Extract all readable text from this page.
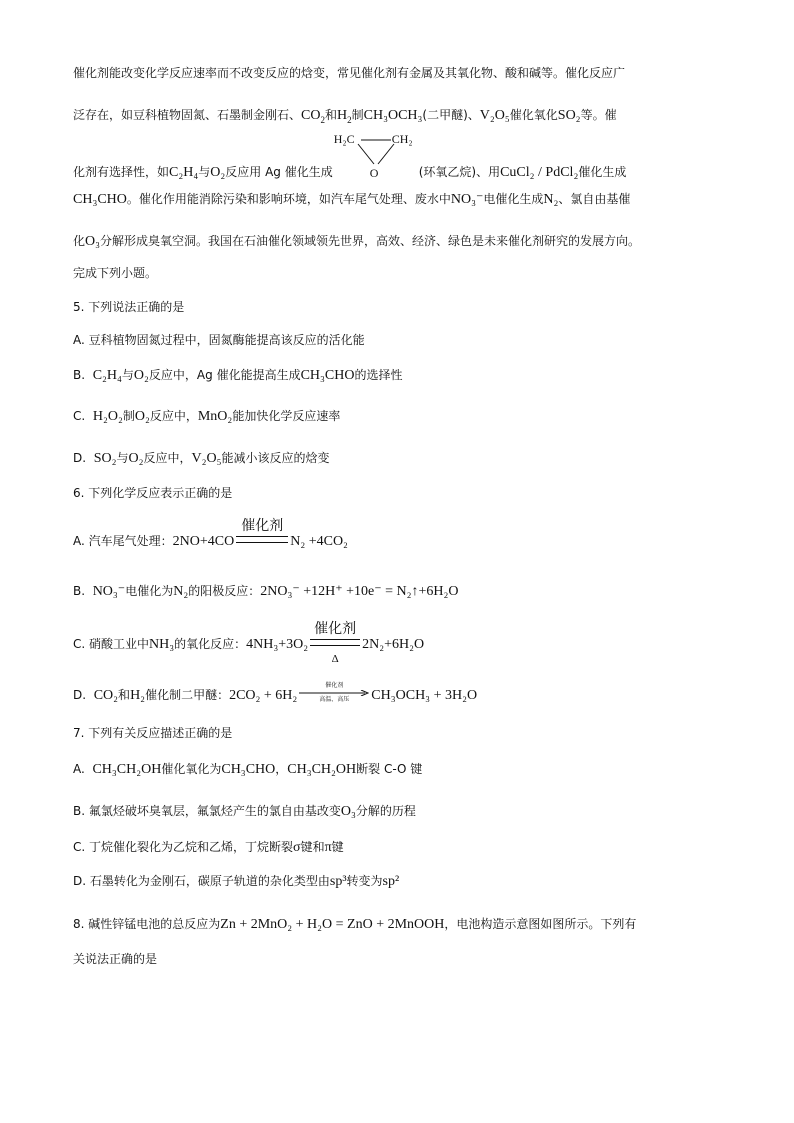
催化剂能改变化学反应速率而不改变反应的焓变，常见催化剂有金属及其氧化物、酸和碱等。催化反应广
泛存在，如豆科植物固氮、石墨制金刚石、$CO_2$和$H_2$制CH₃OCH₃(二甲醚)、V₂O₅催化氧化SO₂等。催
化剂有选择性，如C₂H₄与O₂反应用 Ag 催化生成
H₂C	CH₂
O	(环氧乙烷)、用CuCl₂ / PdCl₂催化生成
CH₃CHO。催化作用能消除污染和影响环境，如汽车尾气处理、废水中NO₃⁻电催化生成N₂、氯自由基催
化O₃分解形成臭氧空洞。我国在石油催化领域领先世界，高效、经济、绿色是未来催化剂研究的发展方向。
完成下列小题。
5. 下列说法正确的是
A. 豆科植物固氮过程中，固氮酶能提高该反应的活化能
B. C₂H₄与O₂反应中，Ag 催化能提高生成CH₃CHO的选择性
C. H₂O₂制O₂反应中，MnO₂能加快化学反应速率
D. SO₂与O₂反应中，V₂O₅能减小该反应的焓变
6. 下列化学反应表示正确的是
A. 汽车尾气处理：2NO+4CO
催化剂
N₂ +4CO₂
B. NO₃⁻电催化为N₂的阳极反应：2NO₃⁻ +12H⁺ +10e⁻ = N₂↑+6H₂O
C. 硝酸工业中NH₃的氧化反应：4NH₃+3O₂
催化剂
Δ
2N₂+6H₂O
D. CO₂和H₂催化制二甲醚：2CO₂ + 6H₂
催化剂
高温、高压	CH₃OCH₃ + 3H₂O
7. 下列有关反应描述正确的是
A. CH₃CH₂OH催化氧化为CH₃CHO，CH₃CH₂OH断裂 C-O 键
B. 氟氯烃破坏臭氧层，氟氯烃产生的氯自由基改变O₃分解的历程
C. 丁烷催化裂化为乙烷和乙烯，丁烷断裂σ键和π键
D. 石墨转化为金刚石，碳原子轨道的杂化类型由sp³转变为sp²
8. 碱性锌锰电池的总反应为Zn + 2MnO₂ + H₂O = ZnO + 2MnOOH，电池构造示意图如图所示。下列有
关说法正确的是
